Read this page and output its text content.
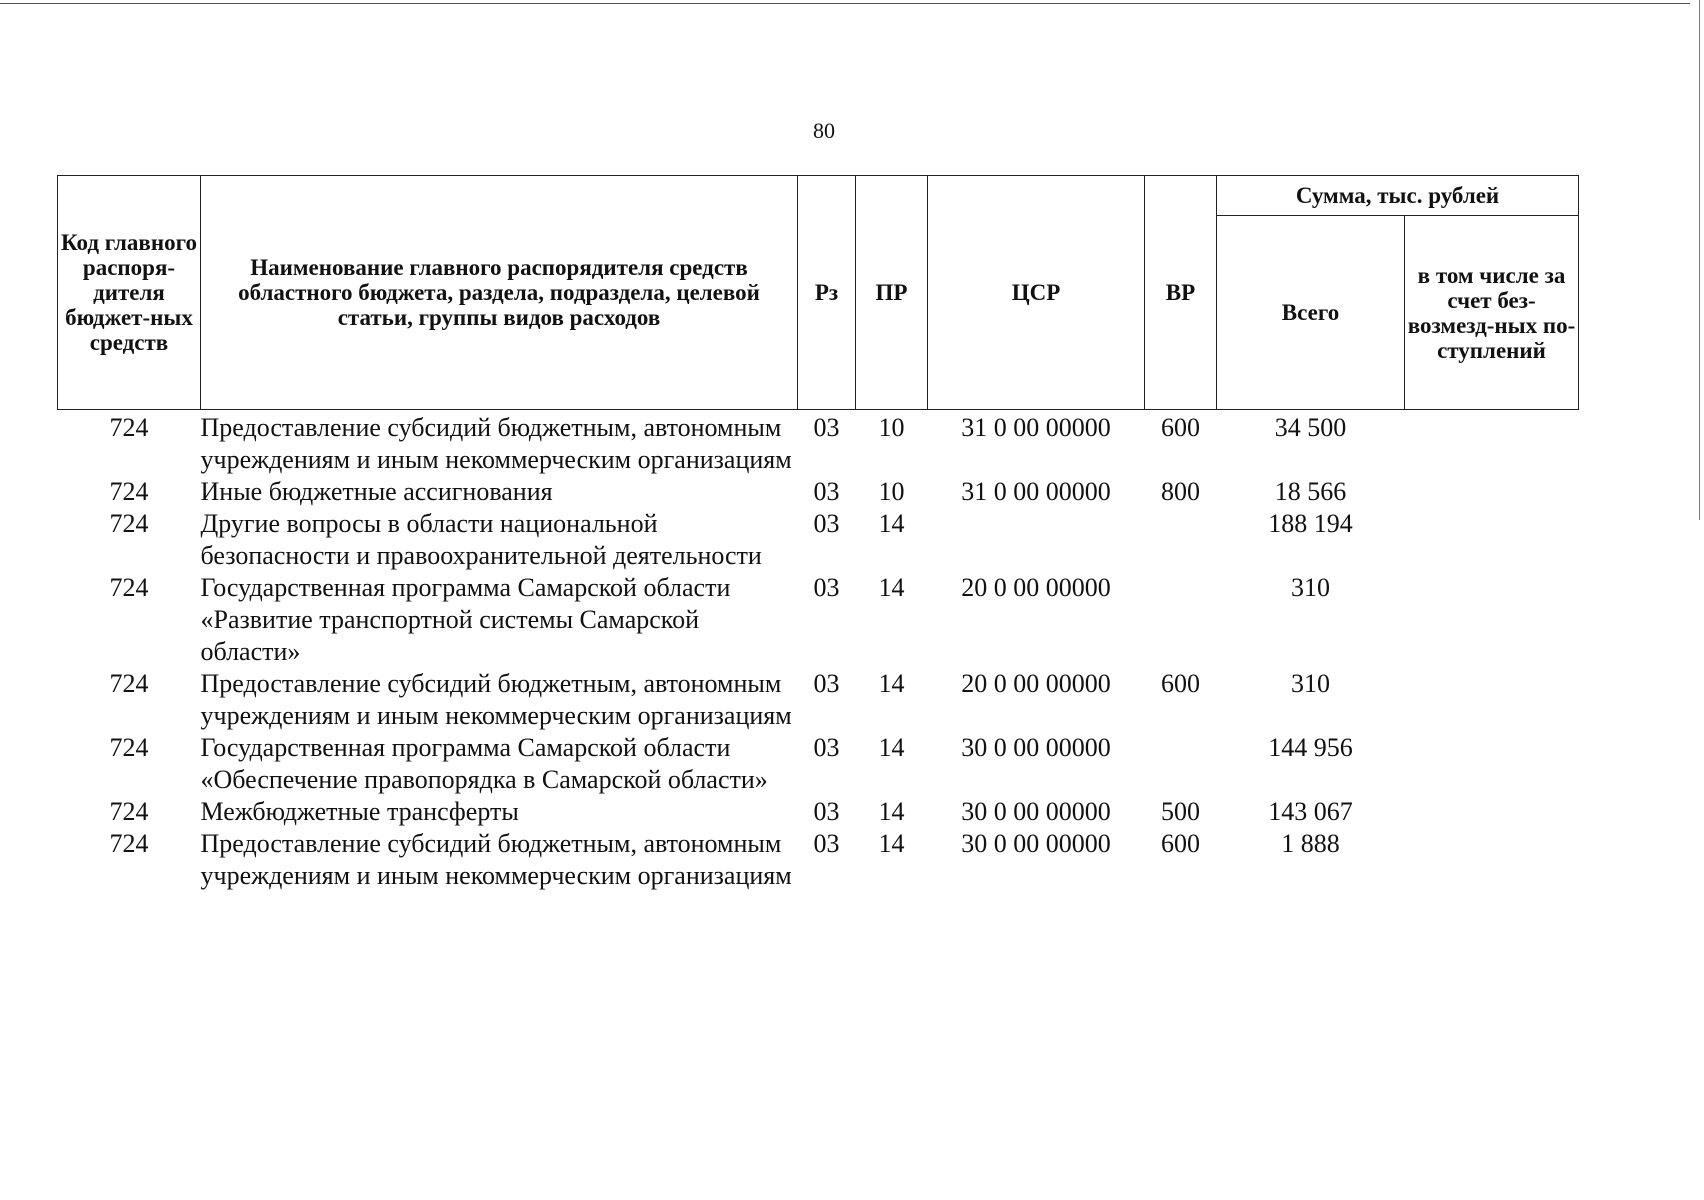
80
Код главного распоря-дителя бюджет-ных средств	Наименование главного распорядителя средств областного бюджета, раздела, подраздела, целевой статьи, группы видов расходов	Рз	ПР	ЦСР	ВР	Сумма, тыс. рублей	
						Всего	в том числе за счет без-возмезд-ных по-ступлений
724	Предоставление субсидий бюджетным, автономным учреждениям и иным некоммерческим организациям	03	10	31 0 00 00000	600	34 500	
724	Иные бюджетные ассигнования	03	10	31 0 00 00000	800	18 566	
724	Другие вопросы в области национальной безопасности и правоохранительной деятельности	03	14			188 194	
724	Государственная программа Самарской области «Развитие транспортной системы Самарской области»	03	14	20 0 00 00000		310	
724	Предоставление субсидий бюджетным, автономным учреждениям и иным некоммерческим организациям	03	14	20 0 00 00000	600	310	
724	Государственная программа Самарской области «Обеспечение правопорядка в Самарской области»	03	14	30 0 00 00000		144 956	
724	Межбюджетные трансферты	03	14	30 0 00 00000	500	143 067	
724	Предоставление субсидий бюджетным, автономным учреждениям и иным некоммерческим организациям	03	14	30 0 00 00000	600	1 888	
